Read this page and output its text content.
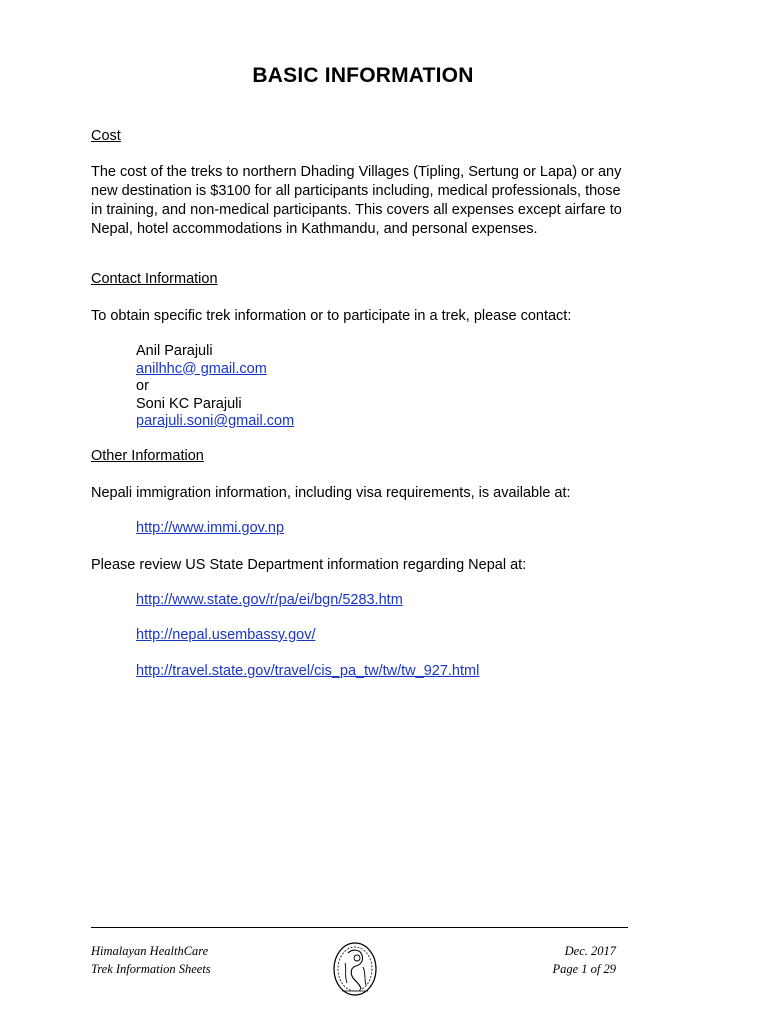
BASIC INFORMATION
Cost
The cost of the treks to northern Dhading Villages (Tipling, Sertung or Lapa) or any new destination is $3100 for all participants including, medical professionals, those in training, and non-medical participants. This covers all expenses except airfare to Nepal, hotel accommodations in Kathmandu, and personal expenses.
Contact Information
To obtain specific trek information or to participate in a trek, please contact:
Anil Parajuli
anilhhc@ gmail.com
or
Soni KC Parajuli
parajuli.soni@gmail.com
Other Information
Nepali immigration information, including visa requirements, is available at:
http://www.immi.gov.np
Please review US State Department information regarding Nepal at:
http://www.state.gov/r/pa/ei/bgn/5283.htm
http://nepal.usembassy.gov/
http://travel.state.gov/travel/cis_pa_tw/tw/tw_927.html
Himalayan HealthCare
Trek Information Sheets
Dec. 2017
Page 1 of 29
